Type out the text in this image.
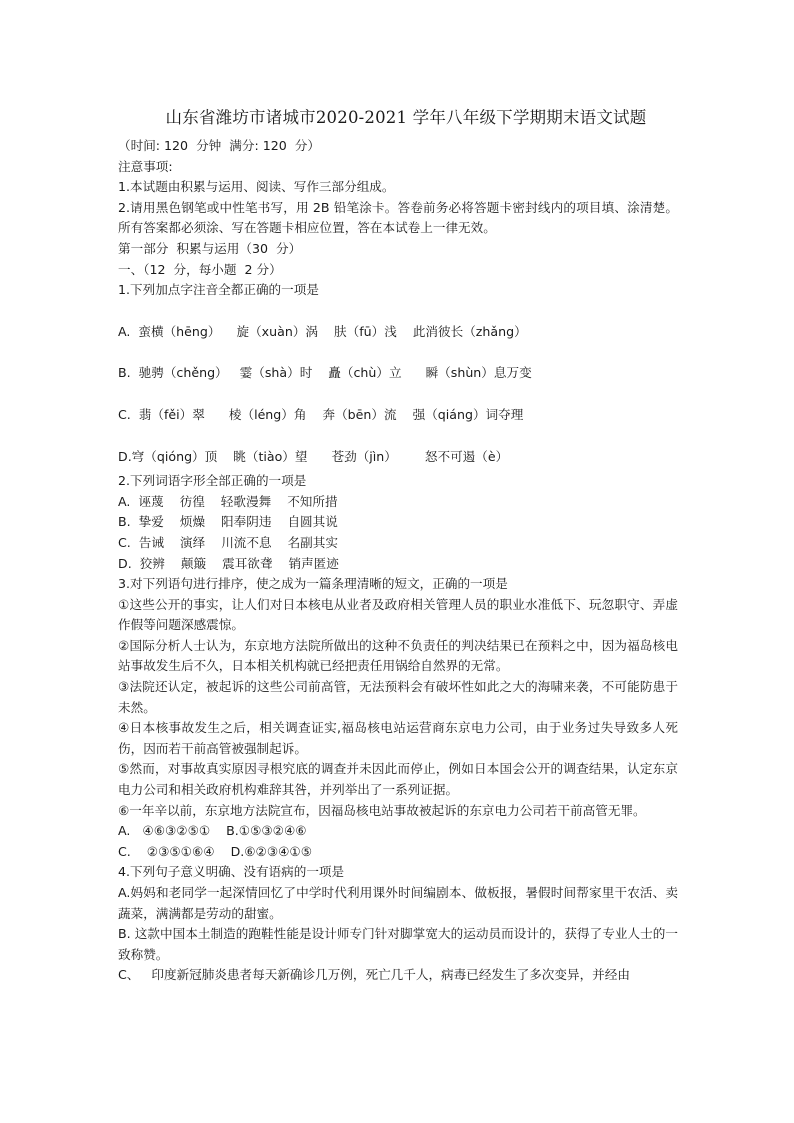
山东省潍坊市诸城市2020-2021 学年八年级下学期期末语文试题

（时间: 120  分钟  满分: 120  分）

注意事项:

1.本试题由积累与运用、阅读、写作三部分组成。

2.请用黑色钢笔或中性笔书写，用 2B 铅笔涂卡。答卷前务必将答题卡密封线内的项目填、涂清楚。所有答案都必须涂、写在答题卡相应位置，答在本试卷上一律无效。

第一部分  积累与运用（30  分）

一、（12  分，每小题  2 分）

1.下列加点字注音全都正确的一项是

A.  蛮横（hēng）    旋（xuàn）涡    肤（fū）浅    此消彼长（zhǎng）

B.  驰骋（chěng）   霎（shà）时    矗（chù）立      瞬（shùn）息万变

C.  翡（fěi）翠      棱（léng）角    奔（bēn）流    强（qiáng）词夺理

D.穹（qióng）顶    眺（tiào）望      苍劲（jìn）       怒不可遏（è）

2.下列词语字形全部正确的一项是

A.  诬蔑    彷徨    轻歌漫舞    不知所措

B.  挚爱    烦燥    阳奉阴违    自圆其说

C.  告诫    演绎    川流不息    名副其实

D.  狡辨    颠簸    震耳欲聋    销声匿迹

3.对下列语句进行排序，使之成为一篇条理清晰的短文，正确的一项是

①这些公开的事实，让人们对日本核电从业者及政府相关管理人员的职业水准低下、玩忽职守、弄虚作假等问题深感震惊。

②国际分析人士认为，东京地方法院所做出的这种不负责任的判决结果已在预料之中，因为福岛核电站事故发生后不久，日本相关机构就已经把责任用锅给自然界的无常。

③法院还认定，被起诉的这些公司前高管，无法预料会有破坏性如此之大的海啸来袭，不可能防患于未然。

④日本核事故发生之后，相关调查证实,福岛核电站运营商东京电力公司，由于业务过失导致多人死伤，因而若干前高管被强制起诉。

⑤然而，对事故真实原因寻根究底的调查并未因此而停止，例如日本国会公开的调查结果，认定东京电力公司和相关政府机构难辞其咎，并列举出了一系列证据。

⑥一年辛以前，东京地方法院宣布，因福岛核电站事故被起诉的东京电力公司若干前高管无罪。

A.   ④⑥③②⑤①    B.①⑤③②④⑥

C.    ②③⑤①⑥④    D.⑥②③④①⑤

4.下列句子意义明确、没有语病的一项是

A.妈妈和老同学一起深情回忆了中学时代利用课外时间编剧本、做板报，暑假时间帮家里干农活、卖蔬菜，满满都是劳动的甜蜜。

B. 这款中国本土制造的跑鞋性能是设计师专门针对脚掌宽大的运动员而设计的，获得了专业人士的一致称赞。

C、   印度新冠肺炎患者每天新确诊几万例，死亡几千人，病毒已经发生了多次变异，并经由
